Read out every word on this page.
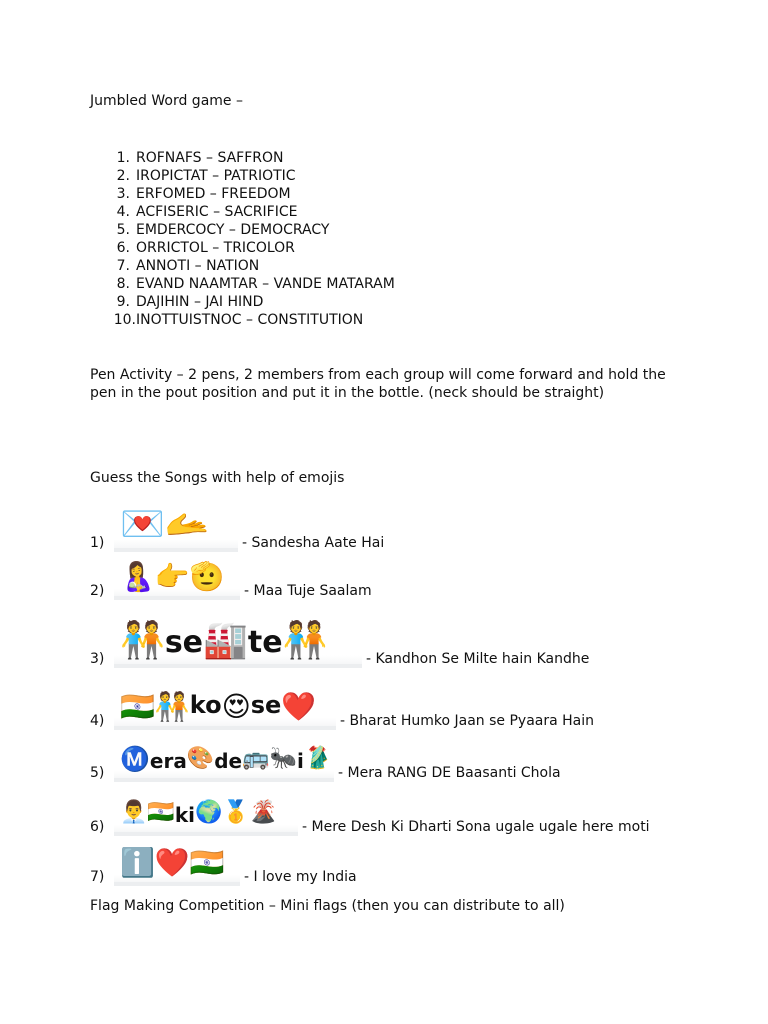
Jumbled Word game –
1. ROFNAFS – SAFFRON
2. IROPICTAT – PATRIOTIC
3. ERFOMED – FREEDOM
4. ACFISERIC – SACRIFICE
5. EMDERCOCY – DEMOCRACY
6. ORRICTOL – TRICOLOR
7. ANNOTI – NATION
8. EVAND NAAMTAR – VANDE MATARAM
9. DAJIHIN – JAI HIND
10.INOTTUISTNOC – CONSTITUTION
Pen Activity – 2 pens, 2 members from each group will come forward and hold the pen in the pout position and put it in the bottle. (neck should be straight)
Guess the Songs with help of emojis
1) 💌 🫴 - Sandesha Aate Hai
2) 🤱 👉 🫡 - Maa Tuje Saalam
3) 🧑‍🤝‍🧑 se 🏭 te 🧑‍🤝‍🧑	- Kandhon Se Milte hain Kandhe
4) 🇮🇳 🧑‍🤝‍🧑 ko 😍 se ❤️ - Bharat Humko Jaan se Pyaara Hain
5) Ⓜ️ era 🎨 de 🚌 🐜 i 🥻
- Mera RANG DE Baasanti Chola
6)
👨‍💼 🇮🇳 ki 🌍 🥇 🌋
- Mere Desh Ki Dharti Sona ugale ugale here moti
7) ℹ️ ❤️ 🇮🇳 - I love my India
Flag Making Competition – Mini flags (then you can distribute to all)
